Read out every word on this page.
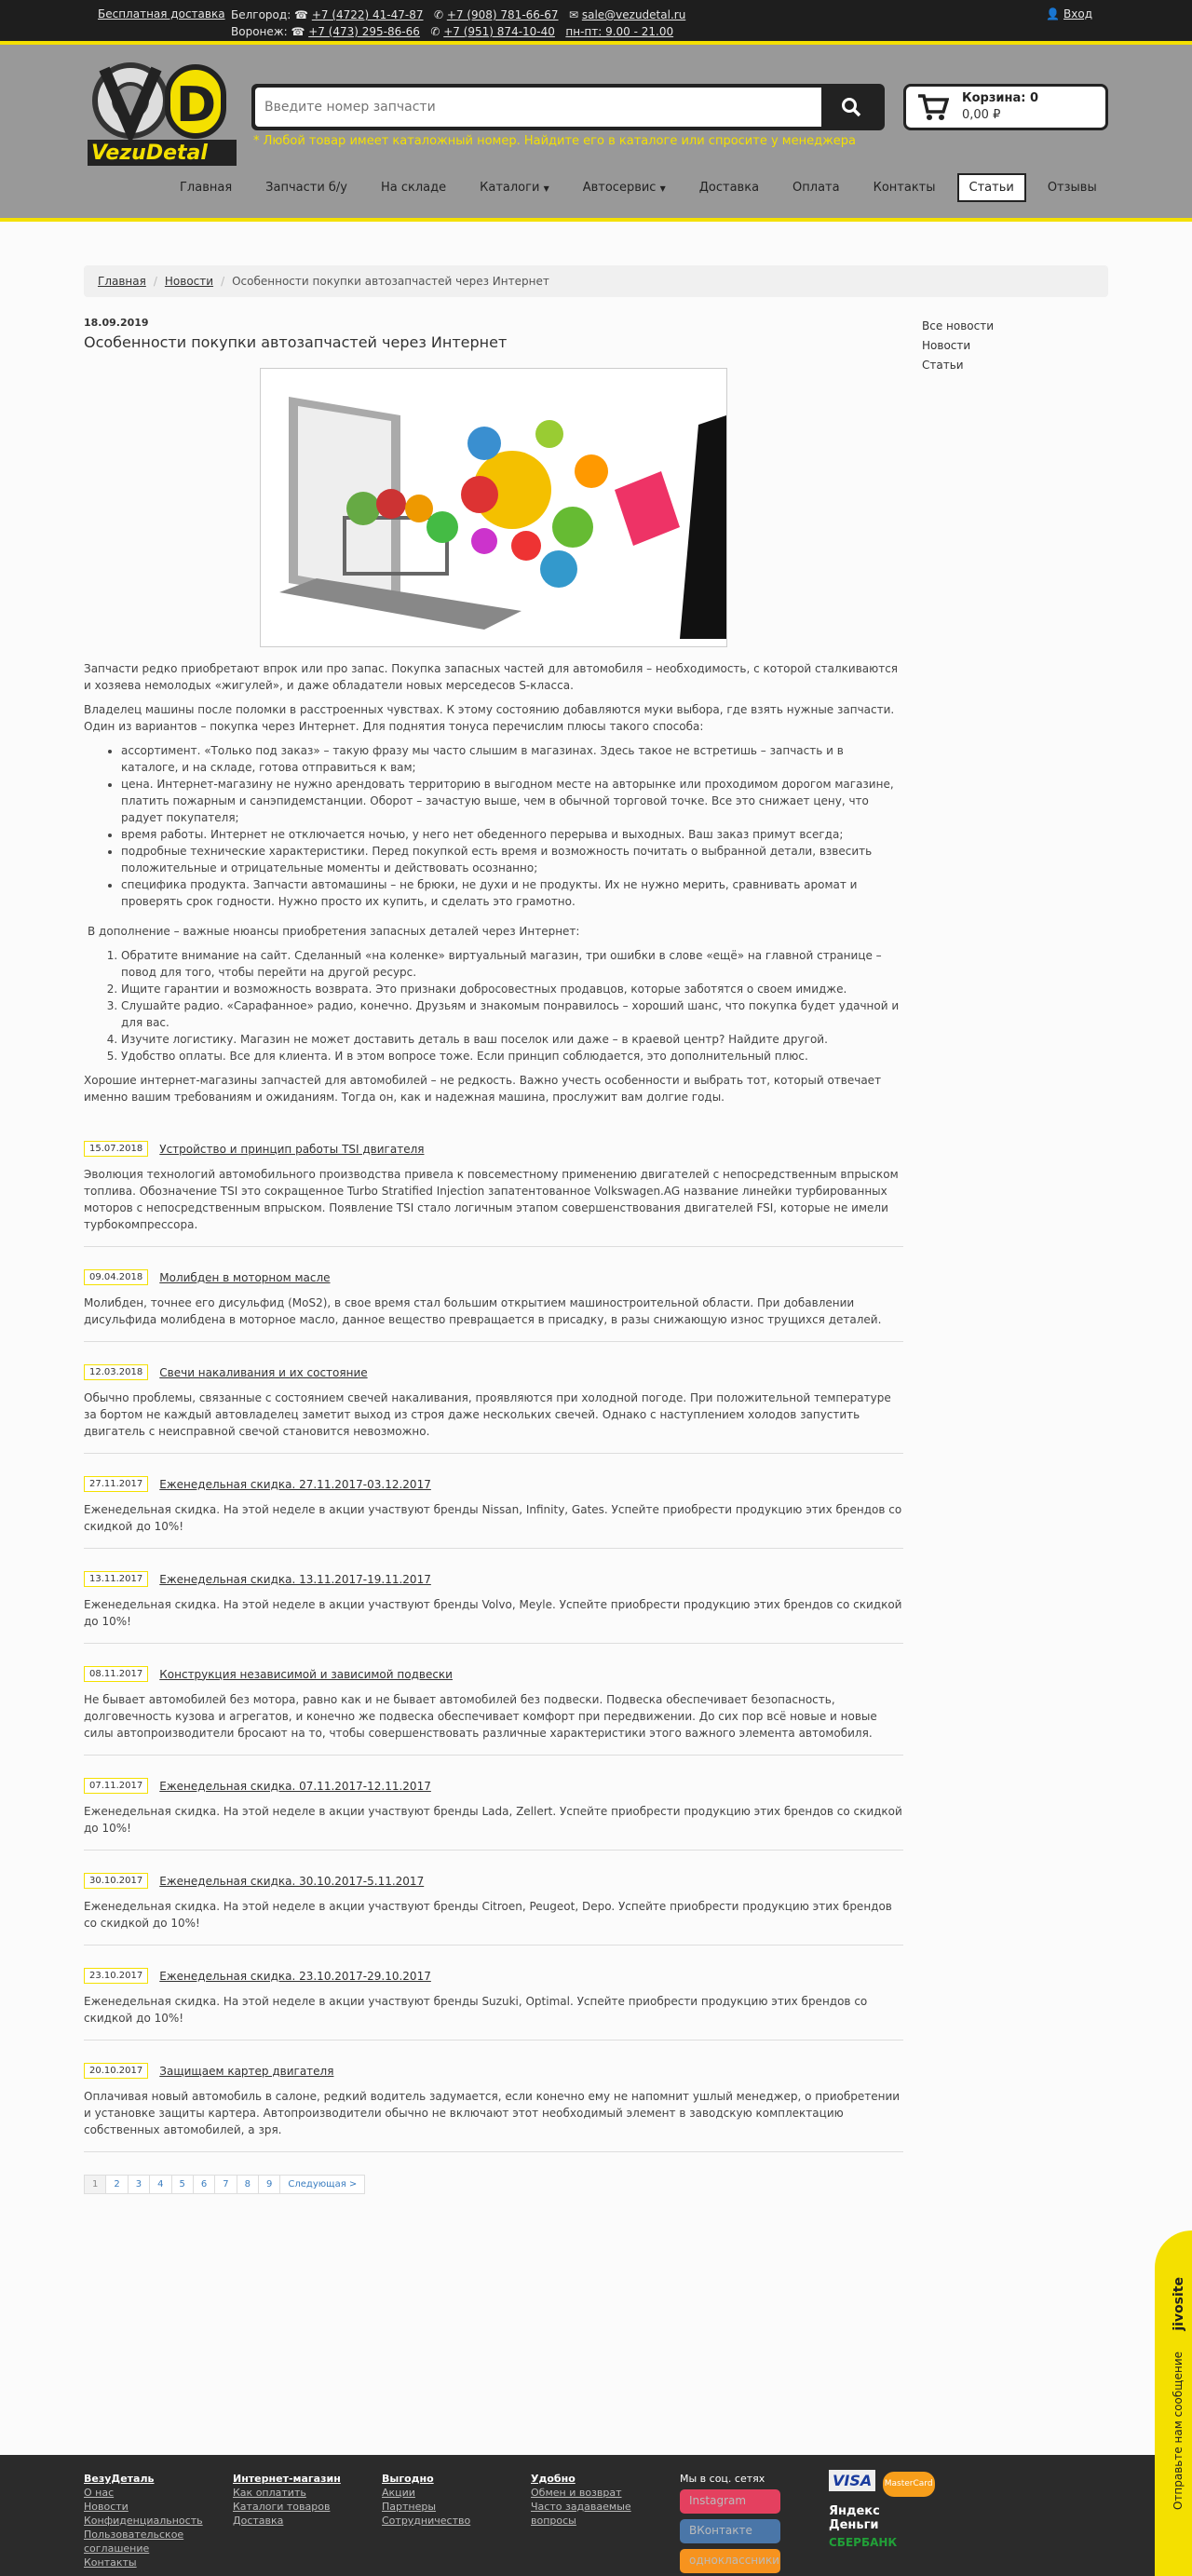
Бесплатная доставка Белгород: ☎ +7 (4722) 41-47-87   ✆ +7 (908) 781-66-67   ✉ sale@vezudetal.ru
Воронеж: ☎ +7 (473) 295-86-66   ✆ +7 (951) 874-10-40 пн-пт: 9.00 - 21.00
👤 Вход
D
VezuDetal
Введите номер запчасти
* Любой товар имеет каталожный номер. Найдите его в каталоге или спросите у менеджера
Корзина: 0
0,00 ₽
Главная	Запчасти б/у	На складе	Каталоги ▼	Автосервис ▼	Доставка	Оплата	Контакты	Статьи	Отзывы
Главная / Новости / Особенности покупки автозапчастей через Интернет
18.09.2019
Особенности покупки автозапчастей через Интернет

Запчасти редко приобретают впрок или про запас. Покупка запасных частей для автомобиля – необходимость, с которой сталкиваются и хозяева немолодых «жигулей», и даже обладатели новых мерседесов S-класса.

Владелец машины после поломки в расстроенных чувствах. К этому состоянию добавляются муки выбора, где взять нужные запчасти. Один из вариантов – покупка через Интернет. Для поднятия тонуса перечислим плюсы такого способа:

• ассортимент. «Только под заказ» – такую фразу мы часто слышим в магазинах. Здесь такое не встретишь – запчасть и в каталоге, и на складе, готова отправиться к вам;
• цена. Интернет-магазину не нужно арендовать территорию в выгодном месте на авторынке или проходимом дорогом магазине, платить пожарным и санэпидемстанции. Оборот – зачастую выше, чем в обычной торговой точке. Все это снижает цену, что радует покупателя;
• время работы. Интернет не отключается ночью, у него нет обеденного перерыва и выходных. Ваш заказ примут всегда;
• подробные технические характеристики. Перед покупкой есть время и возможность почитать о выбранной детали, взвесить положительные и отрицательные моменты и действовать осознанно;
• специфика продукта. Запчасти автомашины – не брюки, не духи и не продукты. Их не нужно мерить, сравнивать аромат и проверять срок годности. Нужно просто их купить, и сделать это грамотно.

В дополнение – важные нюансы приобретения запасных деталей через Интернет:

1. Обратите внимание на сайт. Сделанный «на коленке» виртуальный магазин, три ошибки в слове «ещё» на главной странице – повод для того, чтобы перейти на другой ресурс.
2. Ищите гарантии и возможность возврата. Это признаки добросовестных продавцов, которые заботятся о своем имидже.
3. Слушайте радио. «Сарафанное» радио, конечно. Друзьям и знакомым понравилось – хороший шанс, что покупка будет удачной и для вас.
4. Изучите логистику. Магазин не может доставить деталь в ваш поселок или даже – в краевой центр? Найдите другой.
5. Удобство оплаты. Все для клиента. И в этом вопросе тоже. Если принцип соблюдается, это дополнительный плюс.

Хорошие интернет-магазины запчастей для автомобилей – не редкость. Важно учесть особенности и выбрать тот, который отвечает именно вашим требованиям и ожиданиям. Тогда он, как и надежная машина, прослужит вам долгие годы.

15.07.2018	Устройство и принцип работы TSI двигателя
Эволюция технологий автомобильного производства привела к повсеместному применению двигателей с непосредственным впрыском топлива. Обозначение TSI это сокращенное Turbo Stratified Injection запатентованное Volkswagen.AG название линейки турбированных моторов с непосредственным впрыском. Появление TSI стало логичным этапом совершенствования двигателей FSI, которые не имели турбокомпрессора.
09.04.2018	Молибден в моторном масле
Молибден, точнее его дисульфид (MoS2), в свое время стал большим открытием машиностроительной области. При добавлении дисульфида молибдена в моторное масло, данное вещество превращается в присадку, в разы снижающую износ трущихся деталей.
12.03.2018	Свечи накаливания и их состояние
Обычно проблемы, связанные с состоянием свечей накаливания, проявляются при холодной погоде. При положительной температуре за бортом не каждый автовладелец заметит выход из строя даже нескольких свечей. Однако с наступлением холодов запустить двигатель с неисправной свечой становится невозможно.
27.11.2017	Еженедельная скидка. 27.11.2017-03.12.2017
Еженедельная скидка. На этой неделе в акции участвуют бренды Nissan, Infinity, Gates. Успейте приобрести продукцию этих брендов со скидкой до 10%!
13.11.2017	Еженедельная скидка. 13.11.2017-19.11.2017
Еженедельная скидка. На этой неделе в акции участвуют бренды Volvo, Meyle. Успейте приобрести продукцию этих брендов со скидкой до 10%!
08.11.2017	Конструкция независимой и зависимой подвески
Не бывает автомобилей без мотора, равно как и не бывает автомобилей без подвески. Подвеска обеспечивает безопасность, долговечность кузова и агрегатов, и конечно же подвеска обеспечивает комфорт при передвижении. До сих пор всё новые и новые силы автопроизводители бросают на то, чтобы совершенствовать различные характеристики этого важного элемента автомобиля.
07.11.2017	Еженедельная скидка. 07.11.2017-12.11.2017
Еженедельная скидка. На этой неделе в акции участвуют бренды Lada, Zellert. Успейте приобрести продукцию этих брендов со скидкой до 10%!
30.10.2017	Еженедельная скидка. 30.10.2017-5.11.2017
Еженедельная скидка. На этой неделе в акции участвуют бренды Citroen, Peugeot, Depo. Успейте приобрести продукцию этих брендов со скидкой до 10%!
23.10.2017	Еженедельная скидка. 23.10.2017-29.10.2017
Еженедельная скидка. На этой неделе в акции участвуют бренды Suzuki, Optimal. Успейте приобрести продукцию этих брендов со скидкой до 10%!
20.10.2017	Защищаем картер двигателя
Оплачивая новый автомобиль в салоне, редкий водитель задумается, если конечно ему не напомнит ушлый менеджер, о приобретении и установке защиты картера. Автопроизводители обычно не включают этот необходимый элемент в заводскую комплектацию собственных автомобилей, а зря.
1	2	3	4	5	6	7	8	9	Следующая >
Все новости
Новости
Статьи
ВезуДеталь
О нас
Новости
Конфиденциальность
Пользовательское соглашение
Контакты
Интернет-магазин
Как оплатить
Каталоги товаров
Доставка
Выгодно
Акции
Партнеры
Сотрудничество
Удобно
Обмен и возврат
Часто задаваемые вопросы
Мы в соц. сетях
Instagram
ВКонтакте
одноклассники
VISA MasterCard
Яндекс Деньги
СБЕРБАНК
jivosite
Отправьте нам сообщение
